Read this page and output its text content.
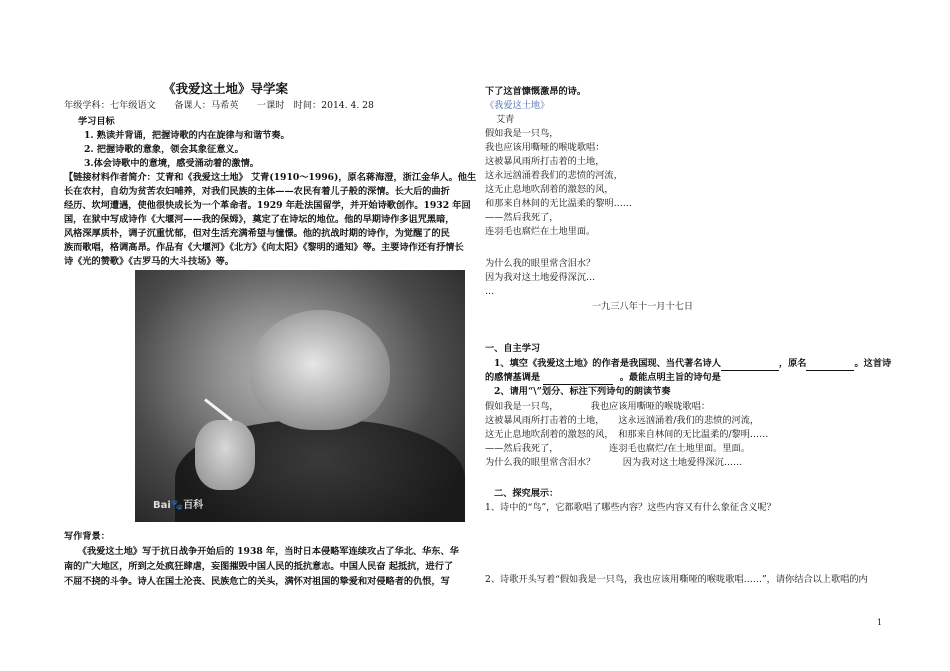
《我爱这土地》导学案
年级学科：七年级语文　　备课人：马希英　　一课时　时间：2014. 4. 28
学习目标
1. 熟读并背诵，把握诗歌的内在旋律与和谐节奏。
2. 把握诗歌的意象，领会其象征意义。
3.体会诗歌中的意境，感受涌动着的激情。
【链接材料作者简介：艾青和《我爱这土地》 艾青(1910～1996)，原名蒋海澄，浙江金华人。他生
长在农村，自幼为贫苦农妇哺养，对我们民族的主体——农民有着儿子般的深情。长大后的曲折
经历、坎坷遭遇，使他很快成长为一个革命者。1929 年赴法国留学，并开始诗歌创作。1932 年回
国，在狱中写成诗作《大堰河——我的保姆》，奠定了在诗坛的地位。他的早期诗作多诅咒黑暗，
风格深厚质朴，调子沉重忧郁，但对生活充满希望与憧憬。他的抗战时期的诗作，为觉醒了的民
族而歌唱，格调高昂。作品有《大堰河》《北方》《向太阳》《黎明的通知》等。主要诗作还有抒情长
诗《光的赞歌》《古罗马的大斗技场》等。
Bai🐾百科
写作背景：
　　《我爱这土地》写于抗日战争开始后的 1938 年，当时日本侵略军连续攻占了华北、华东、华
南的广大地区，所到之处疯狂肆虐，妄图摧毁中国人民的抵抗意志。中国人民奋 起抵抗，进行了
不屈不挠的斗争。诗人在国土沦丧、民族危亡的关头，满怀对祖国的挚爱和对侵略者的仇恨，写
下了这首慷慨激昂的诗。
《我爱这土地》
艾青
假如我是一只鸟，
我也应该用嘶哑的喉咙歌唱：
这被暴风雨所打击着的土地，
这永远汹涌着我们的悲愤的河流，
这无止息地吹刮着的激怒的风，
和那来自林间的无比温柔的黎明……
——然后我死了，
连羽毛也腐烂在土地里面。
为什么我的眼里常含泪水？
因为我对这土地爱得深沉…
…
一九三八年十一月十七日
一、自主学习
1、填空《我爱这土地》的作者是我国现、当代著名诗人	，原名	。这首诗
的感情基调是	。最能点明主旨的诗句是
2、请用“\”划分、标注下列诗句的朗读节奏
假如我是一只鸟，　　　　我也应该用嘶哑的喉咙歌唱：
这被暴风雨所打击着的土地，　　这永远汹涌着/我们的悲愤的河流，
这无止息地吹刮着的激怒的风，　和那来自林间的无比温柔的/黎明……
——然后我死了，　　　　　　连羽毛也腐烂/在土地里面。里面。
为什么我的眼里常含泪水？　　　因为我对这土地爱得深沉……
二、探究展示：
1、诗中的“鸟”，它都歌唱了哪些内容？这些内容又有什么象征含义呢？
2、诗歌开头写着“假如我是一只鸟，我也应该用嘶哑的喉咙歌唱……”，请你结合以上歌唱的内
1
